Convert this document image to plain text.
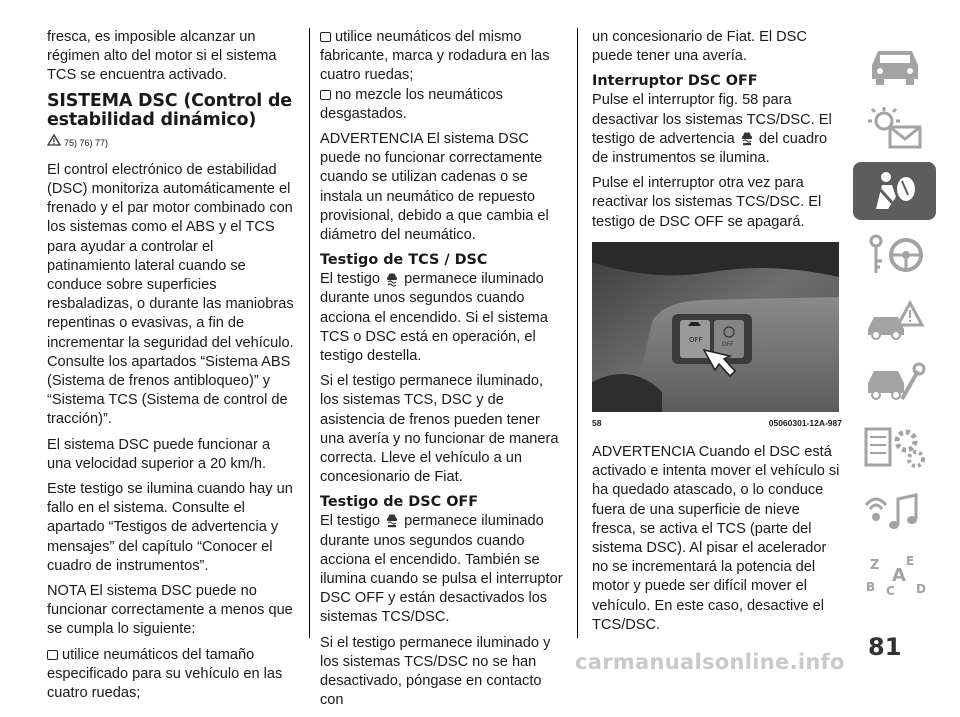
fresca, es imposible alcanzar un régimen alto del motor si el sistema TCS se encuentra activado.

SISTEMA DSC (Control de estabilidad dinámico)
75) 76) 77)

El control electrónico de estabilidad (DSC) monitoriza automáticamente el frenado y el par motor combinado con los sistemas como el ABS y el TCS para ayudar a controlar el patinamiento lateral cuando se conduce sobre superficies resbaladizas, o durante las maniobras repentinas o evasivas, a fin de incrementar la seguridad del vehículo. Consulte los apartados “Sistema ABS (Sistema de frenos antibloqueo)” y “Sistema TCS (Sistema de control de tracción)”.

El sistema DSC puede funcionar a una velocidad superior a 20 km/h.

Este testigo se ilumina cuando hay un fallo en el sistema. Consulte el apartado “Testigos de advertencia y mensajes” del capítulo “Conocer el cuadro de instrumentos”.

NOTA El sistema DSC puede no funcionar correctamente a menos que se cumpla lo siguiente:

utilice neumáticos del tamaño especificado para su vehículo en las cuatro ruedas;

utilice neumáticos del mismo fabricante, marca y rodadura en las cuatro ruedas;

no mezcle los neumáticos desgastados.

ADVERTENCIA El sistema DSC puede no funcionar correctamente cuando se utilizan cadenas o se instala un neumático de repuesto provisional, debido a que cambia el diámetro del neumático.

Testigo de TCS / DSC

El testigo permanece iluminado durante unos segundos cuando acciona el encendido. Si el sistema TCS o DSC está en operación, el testigo destella.

Si el testigo permanece iluminado, los sistemas TCS, DSC y de asistencia de frenos pueden tener una avería y no funcionar de manera correcta. Lleve el vehículo a un concesionario de Fiat.

Testigo de DSC OFF

El testigo permanece iluminado durante unos segundos cuando acciona el encendido. También se ilumina cuando se pulsa el interruptor DSC OFF y están desactivados los sistemas TCS/DSC.

Si el testigo permanece iluminado y los sistemas TCS/DSC no se han desactivado, póngase en contacto con

un concesionario de Fiat. El DSC puede tener una avería.

Interruptor DSC OFF

Pulse el interruptor fig. 58 para desactivar los sistemas TCS/DSC. El testigo de advertencia del cuadro de instrumentos se ilumina.

Pulse el interruptor otra vez para reactivar los sistemas TCS/DSC. El testigo de DSC OFF se apagará.

OFF
OFF
58	05060301-12A-987

ADVERTENCIA Cuando el DSC está activado e intenta mover el vehículo si ha quedado atascado, o lo conduce fuera de una superficie de nieve fresca, se activa el TCS (parte del sistema DSC). Al pisar el acelerador no se incrementará la potencia del motor y puede ser difícil mover el vehículo. En este caso, desactive el TCS/DSC.

Z E
B C D
A
81
carmanualsonline.info
